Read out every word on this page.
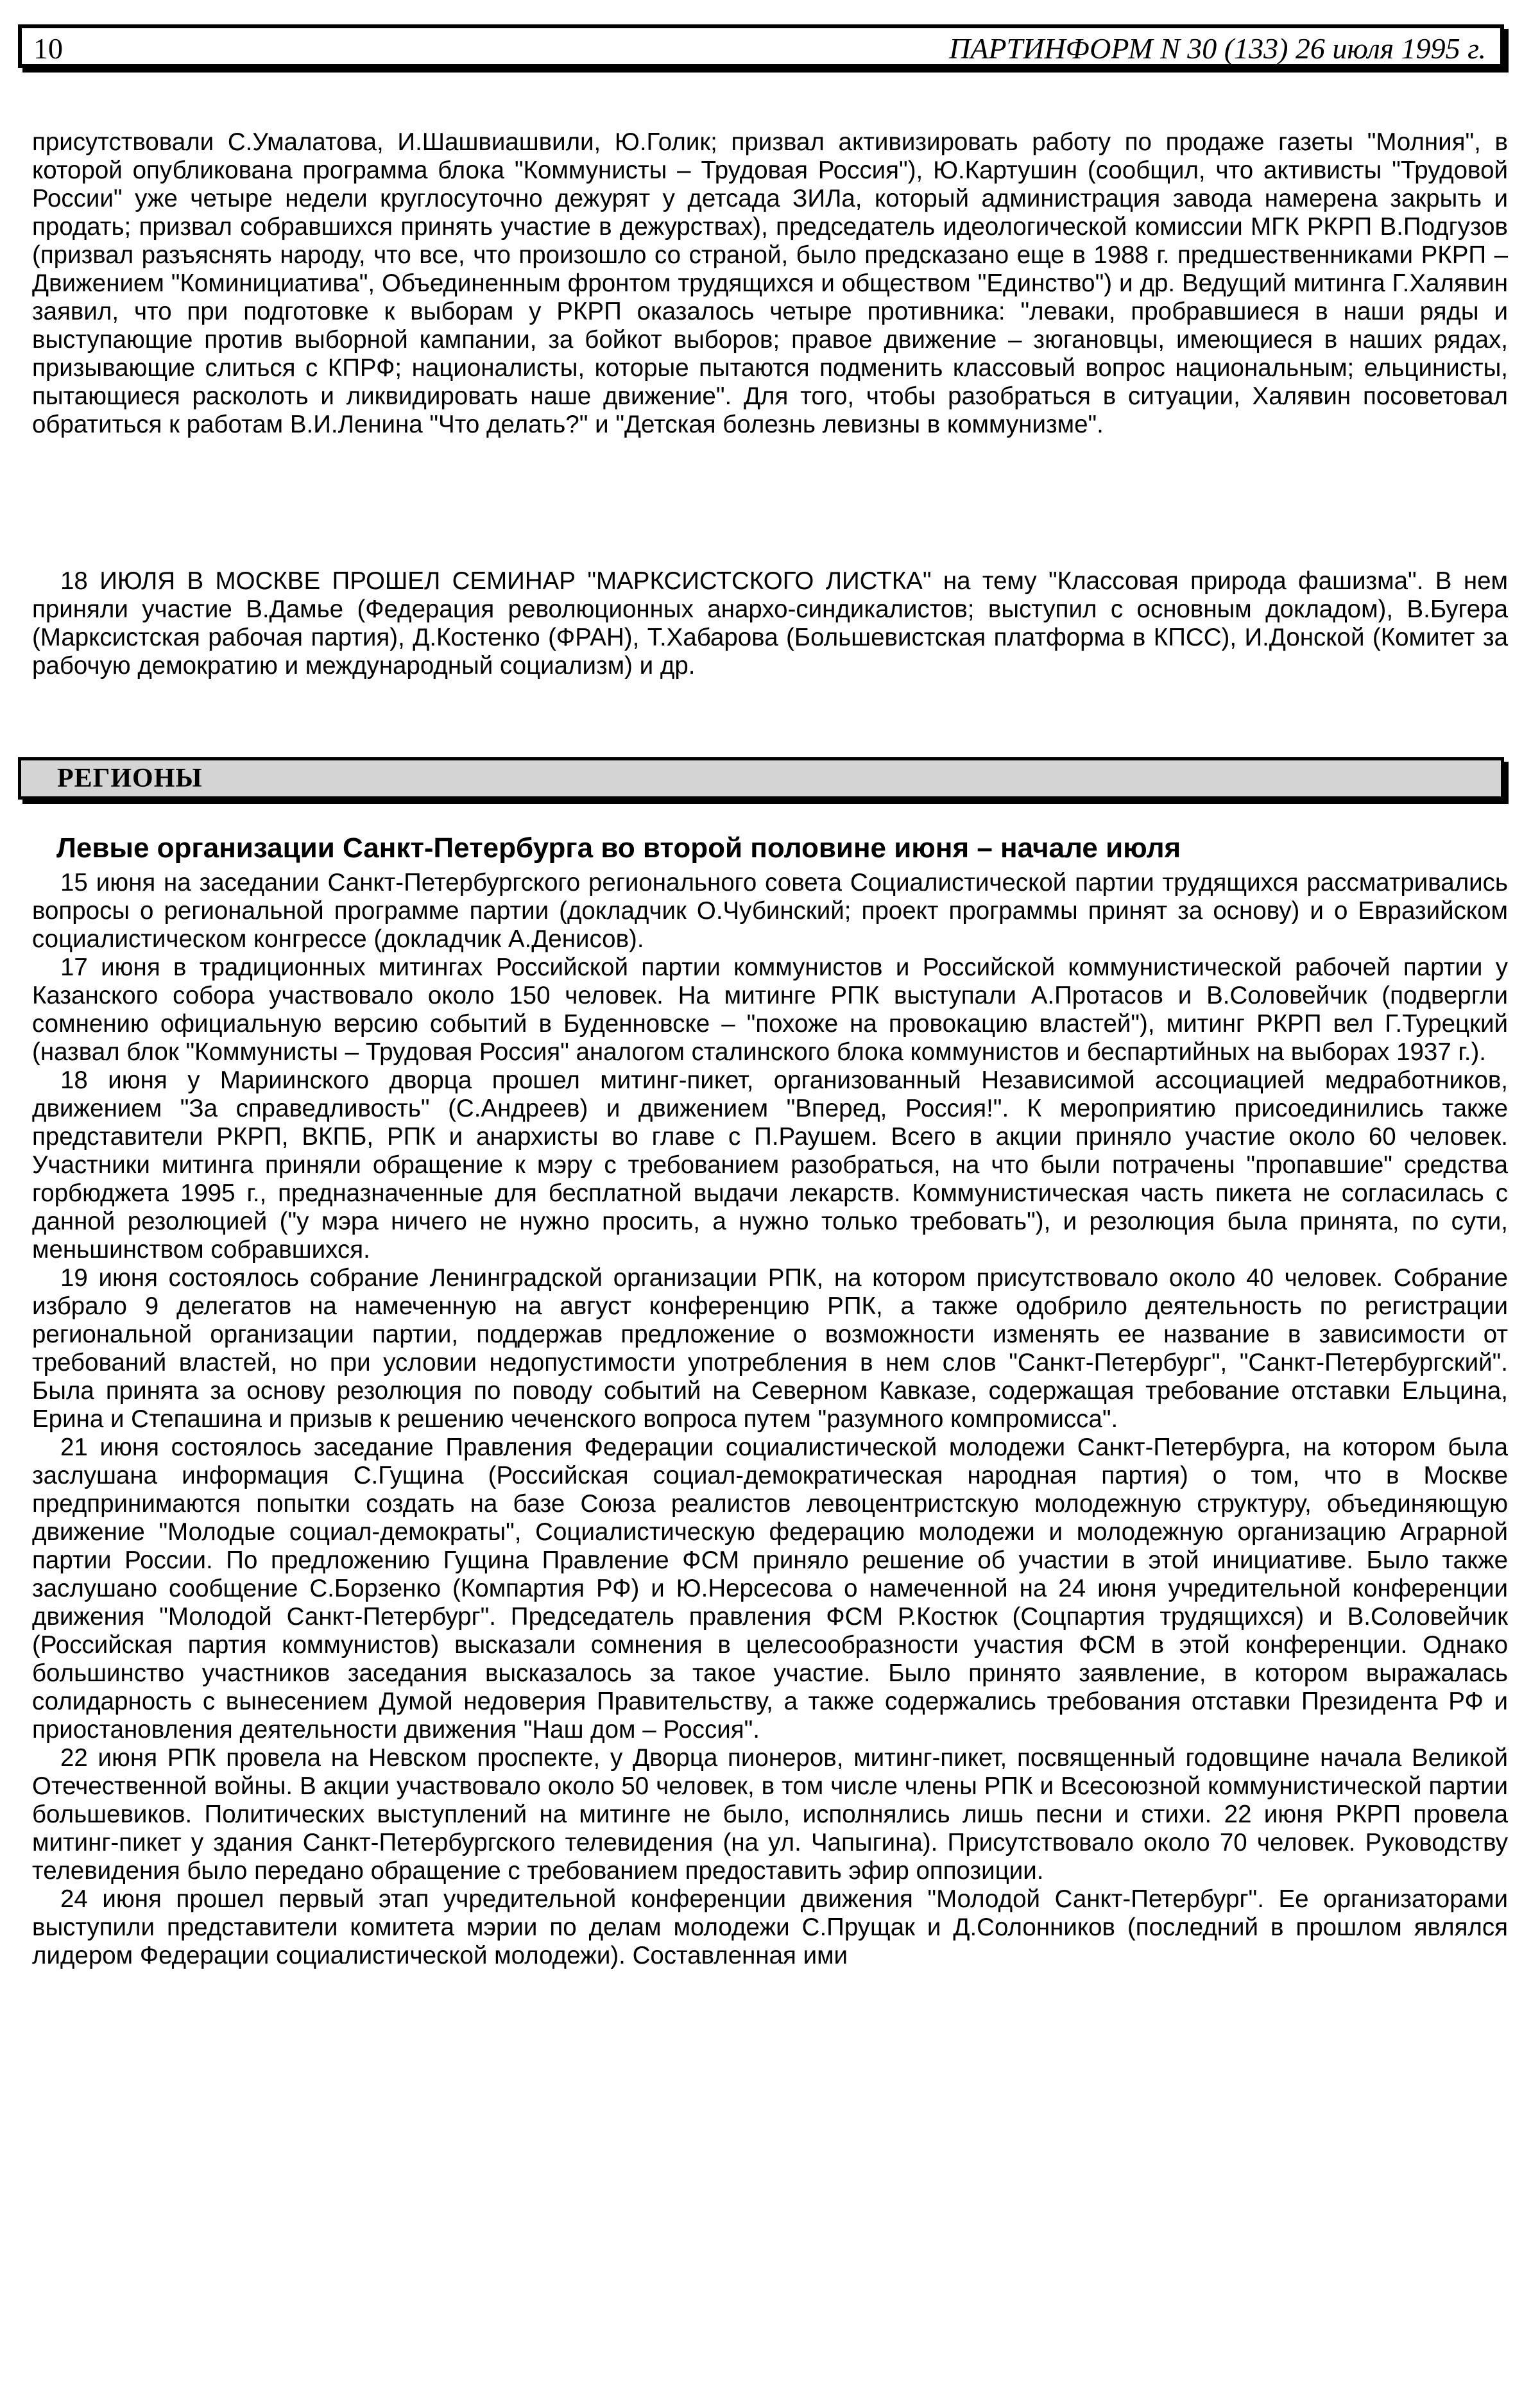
10	ПАРТИНФОРМ N 30 (133) 26 июля 1995 г.

присутствовали С.Умалатова, И.Шашвиашвили, Ю.Голик; призвал активизировать работу по продаже газеты "Молния", в которой опубликована программа блока "Коммунисты – Трудовая Россия"), Ю.Картушин (сообщил, что активисты "Трудовой России" уже четыре недели круглосуточно дежурят у детсада ЗИЛа, который администрация завода намерена закрыть и продать; призвал собравшихся принять участие в дежурствах), председатель идеологической комиссии МГК РКРП В.Подгузов (призвал разъяснять народу, что все, что произошло со страной, было предсказано еще в 1988 г. предшественниками РКРП – Движением "Коминициатива", Объединенным фронтом трудящихся и обществом "Единство") и др. Ведущий митинга Г.Халявин заявил, что при подготовке к выборам у РКРП оказалось четыре противника: "леваки, пробравшиеся в наши ряды и выступающие против выборной кампании, за бойкот выборов; правое движение – зюгановцы, имеющиеся в наших рядах, призывающие слиться с КПРФ; националисты, которые пытаются подменить классовый вопрос национальным; ельцинисты, пытающиеся расколоть и ликвидировать наше движение". Для того, чтобы разобраться в ситуации, Халявин посоветовал обратиться к работам В.И.Ленина "Что делать?" и "Детская болезнь левизны в коммунизме".

18 ИЮЛЯ В МОСКВЕ ПРОШЕЛ СЕМИНАР "МАРКСИСТСКОГО ЛИСТКА" на тему "Классовая природа фашизма". В нем приняли участие В.Дамье (Федерация революционных анархо-синдикалистов; выступил с основным докладом), В.Бугера (Марксистская рабочая партия), Д.Костенко (ФРАН), Т.Хабарова (Большевистская платформа в КПСС), И.Донской (Комитет за рабочую демократию и международный социализм) и др.

РЕГИОНЫ
Левые организации Санкт-Петербурга во второй половине июня – начале июля

15 июня на заседании Санкт-Петербургского регионального совета Социалистической партии трудящихся рассматривались вопросы о региональной программе партии (докладчик О.Чубинский; проект программы принят за основу) и о Евразийском социалистическом конгрессе (докладчик А.Денисов).

17 июня в традиционных митингах Российской партии коммунистов и Российской коммунистической рабочей партии у Казанского собора участвовало около 150 человек. На митинге РПК выступали А.Протасов и В.Соловейчик (подвергли сомнению официальную версию событий в Буденновске – "похоже на провокацию властей"), митинг РКРП вел Г.Турецкий (назвал блок "Коммунисты – Трудовая Россия" аналогом сталинского блока коммунистов и беспартийных на выборах 1937 г.).

18 июня у Мариинского дворца прошел митинг-пикет, организованный Независимой ассоциацией медработников, движением "За справедливость" (С.Андреев) и движением "Вперед, Россия!". К мероприятию присоединились также представители РКРП, ВКПБ, РПК и анархисты во главе с П.Раушем. Всего в акции приняло участие около 60 человек. Участники митинга приняли обращение к мэру с требованием разобраться, на что были потрачены "пропавшие" средства горбюджета 1995 г., предназначенные для бесплатной выдачи лекарств. Коммунистическая часть пикета не согласилась с данной резолюцией ("у мэра ничего не нужно просить, а нужно только требовать"), и резолюция была принята, по сути, меньшинством собравшихся.

19 июня состоялось собрание Ленинградской организации РПК, на котором присутствовало около 40 человек. Собрание избрало 9 делегатов на намеченную на август конференцию РПК, а также одобрило деятельность по регистрации региональной организации партии, поддержав предложение о возможности изменять ее название в зависимости от требований властей, но при условии недопустимости употребления в нем слов "Санкт-Петербург", "Санкт-Петербургский". Была принята за основу резолюция по поводу событий на Северном Кавказе, содержащая требование отставки Ельцина, Ерина и Степашина и призыв к решению чеченского вопроса путем "разумного компромисса".

21 июня состоялось заседание Правления Федерации социалистической молодежи Санкт-Петербурга, на котором была заслушана информация С.Гущина (Российская социал-демократическая народная партия) о том, что в Москве предпринимаются попытки создать на базе Союза реалистов левоцентристскую молодежную структуру, объединяющую движение "Молодые социал-демократы", Социалистическую федерацию молодежи и молодежную организацию Аграрной партии России. По предложению Гущина Правление ФСМ приняло решение об участии в этой инициативе. Было также заслушано сообщение С.Борзенко (Компартия РФ) и Ю.Нерсесова о намеченной на 24 июня учредительной конференции движения "Молодой Санкт-Петербург". Председатель правления ФСМ Р.Костюк (Соцпартия трудящихся) и В.Соловейчик (Российская партия коммунистов) высказали сомнения в целесообразности участия ФСМ в этой конференции. Однако большинство участников заседания высказалось за такое участие. Было принято заявление, в котором выражалась солидарность с вынесением Думой недоверия Правительству, а также содержались требования отставки Президента РФ и приостановления деятельности движения "Наш дом – Россия".

22 июня РПК провела на Невском проспекте, у Дворца пионеров, митинг-пикет, посвященный годовщине начала Великой Отечественной войны. В акции участвовало около 50 человек, в том числе члены РПК и Всесоюзной коммунистической партии большевиков. Политических выступлений на митинге не было, исполнялись лишь песни и стихи. 22 июня РКРП провела митинг-пикет у здания Санкт-Петербургского телевидения (на ул. Чапыгина). Присутствовало около 70 человек. Руководству телевидения было передано обращение с требованием предоставить эфир оппозиции.

24 июня прошел первый этап учредительной конференции движения "Молодой Санкт-Петербург". Ее организаторами выступили представители комитета мэрии по делам молодежи С.Прущак и Д.Солонников (последний в прошлом являлся лидером Федерации социалистической молодежи). Составленная ими
